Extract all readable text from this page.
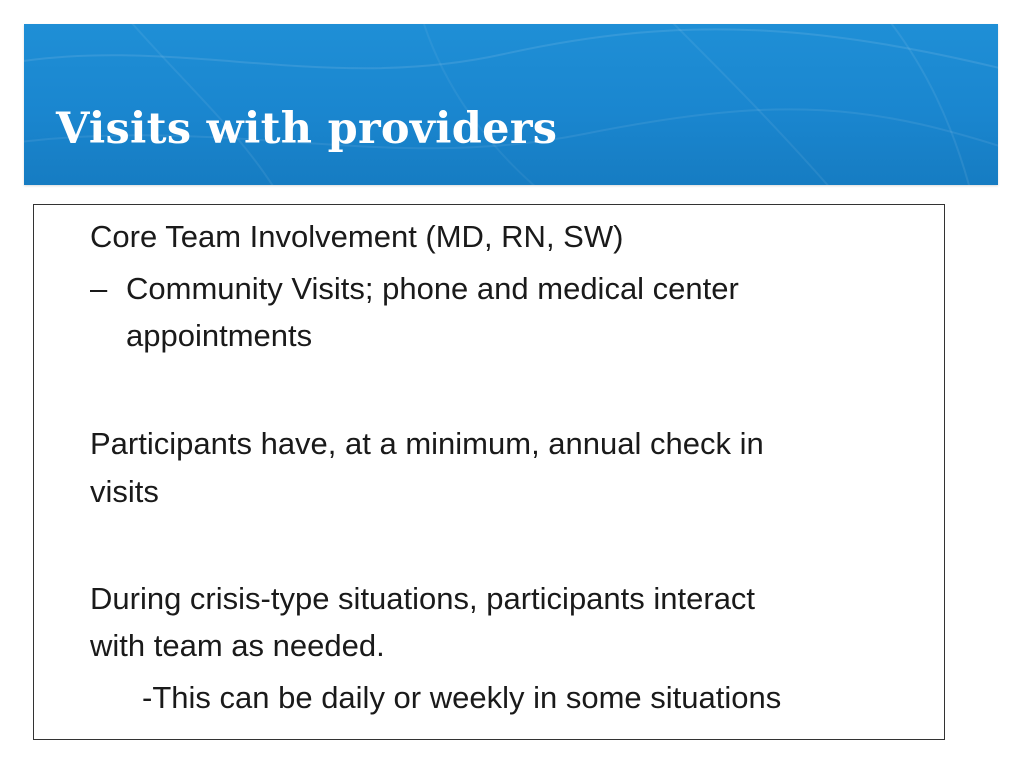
Visits with providers

Core Team Involvement (MD, RN, SW)

– Community Visits; phone and medical center

appointments

Participants have, at a minimum, annual check in

visits

During crisis-type situations, participants interact

with team as needed.

-This can be daily or weekly in some situations
